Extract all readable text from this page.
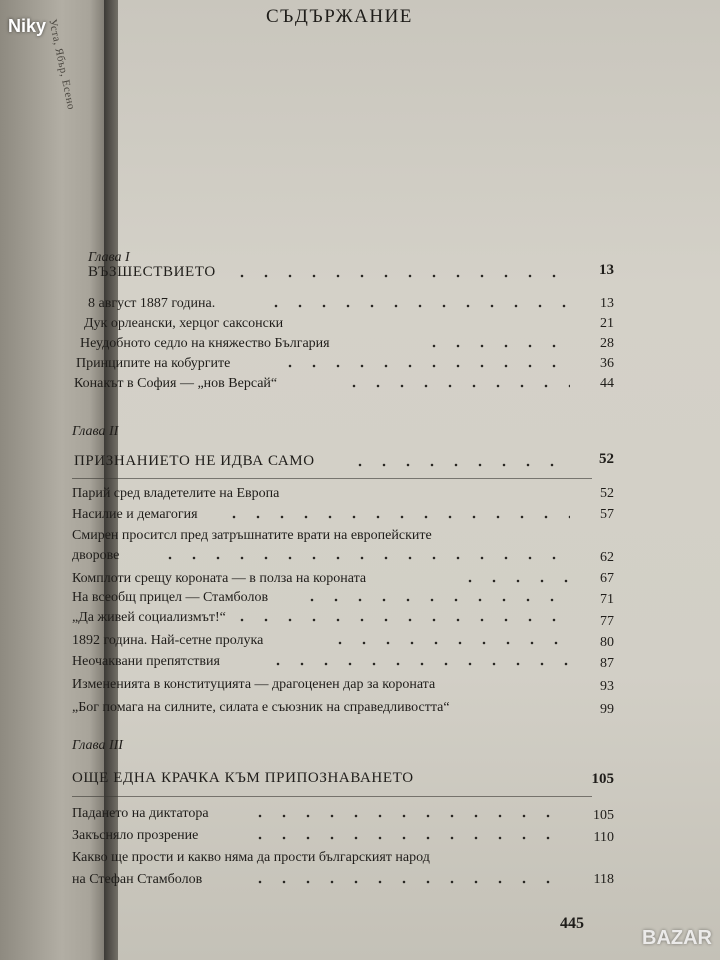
Уста, Ябър, Есено
СЪДЪРЖАНИЕ
Глава I
ВЪЗШЕСТВИЕТО	13
8 август 1887 година.	13
Дук орлеански, херцог саксонски	21
Неудобното седло на княжество България	28
Принципите на кобургите	36
Конакът в София — „нов Версай“	44
Глава II
ПРИЗНАНИЕТО НЕ ИДВА САМО	52
Парий сред владетелите на Европа	52
Насилие и демагогия	57
Смирен проситсл пред затръшнатите врати на европейските
дворове	62
Комплоти срещу короната — в полза на короната	67
На всеобщ прицел — Стамболов	71
„Да живей социализмът!“	77
1892 година. Най-сетне пролука	80
Неочаквани препятствия	87
Измененията в конституцията — драгоценен дар за короната	93
„Бог помага на силните, силата е съюзник на справедливостта“	99
Глава III
ОЩЕ ЕДНА КРАЧКА КЪМ ПРИПОЗНАВАНЕТО	105
Падането на диктатора	105
Закъсняло прозрение	110
Какво ще прости и какво няма да прости българският народ
на Стефан Стамболов	118
445
Niky
BAZAR
